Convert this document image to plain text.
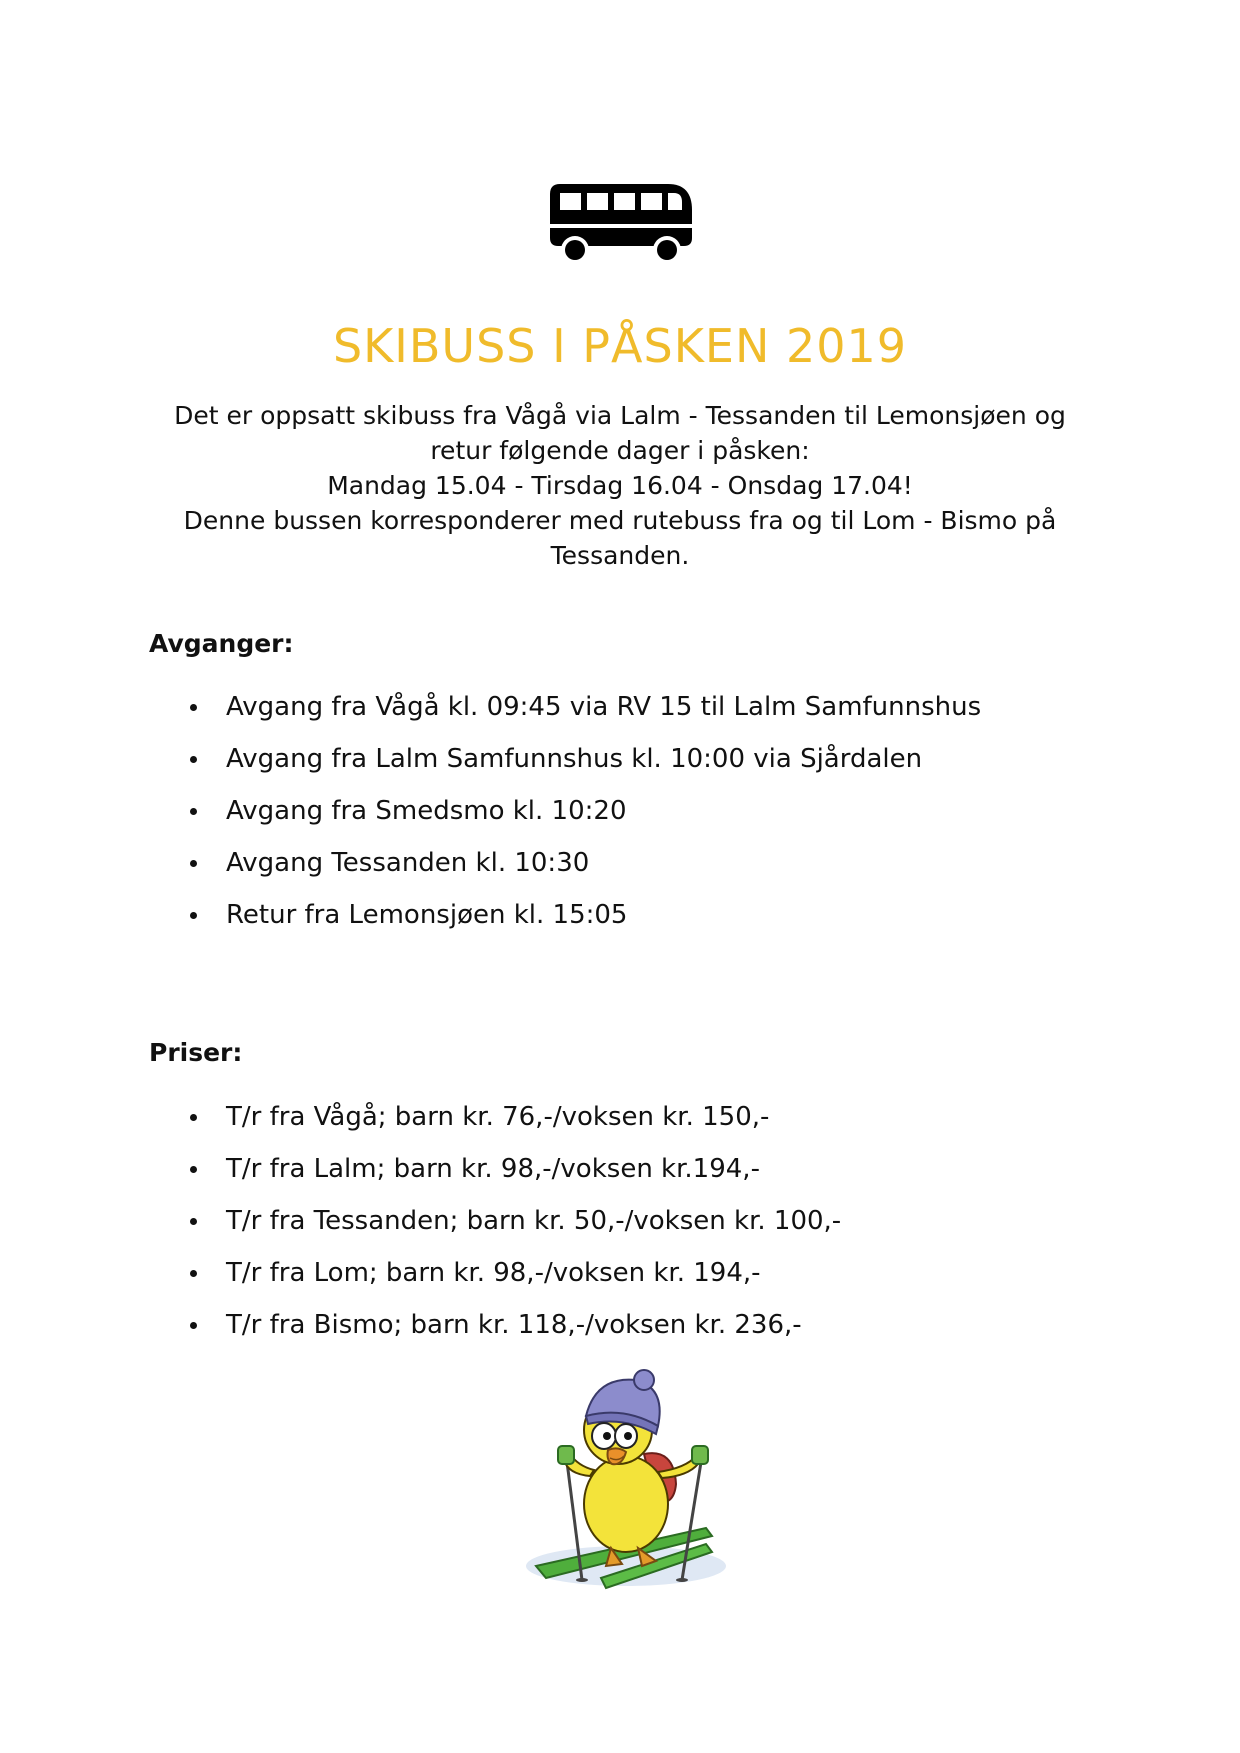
SKIBUSS I PÅSKEN 2019
Det er oppsatt skibuss fra Vågå via Lalm - Tessanden til Lemonsjøen og
retur følgende dager i påsken:
Mandag 15.04 - Tirsdag 16.04 - Onsdag 17.04!
Denne bussen korresponderer med rutebuss fra og til Lom - Bismo på
Tessanden.
Avganger:
Avgang fra Vågå kl. 09:45 via RV 15 til Lalm Samfunnshus
Avgang fra Lalm Samfunnshus kl. 10:00 via Sjårdalen
Avgang fra Smedsmo kl. 10:20
Avgang Tessanden kl. 10:30
Retur fra Lemonsjøen kl. 15:05
Priser:
T/r fra Vågå; barn kr. 76,-/voksen kr. 150,-
T/r fra Lalm; barn kr. 98,-/voksen kr.194,-
T/r fra Tessanden; barn kr. 50,-/voksen kr. 100,-
T/r fra Lom; barn kr. 98,-/voksen kr. 194,-
T/r fra Bismo; barn kr. 118,-/voksen kr. 236,-
